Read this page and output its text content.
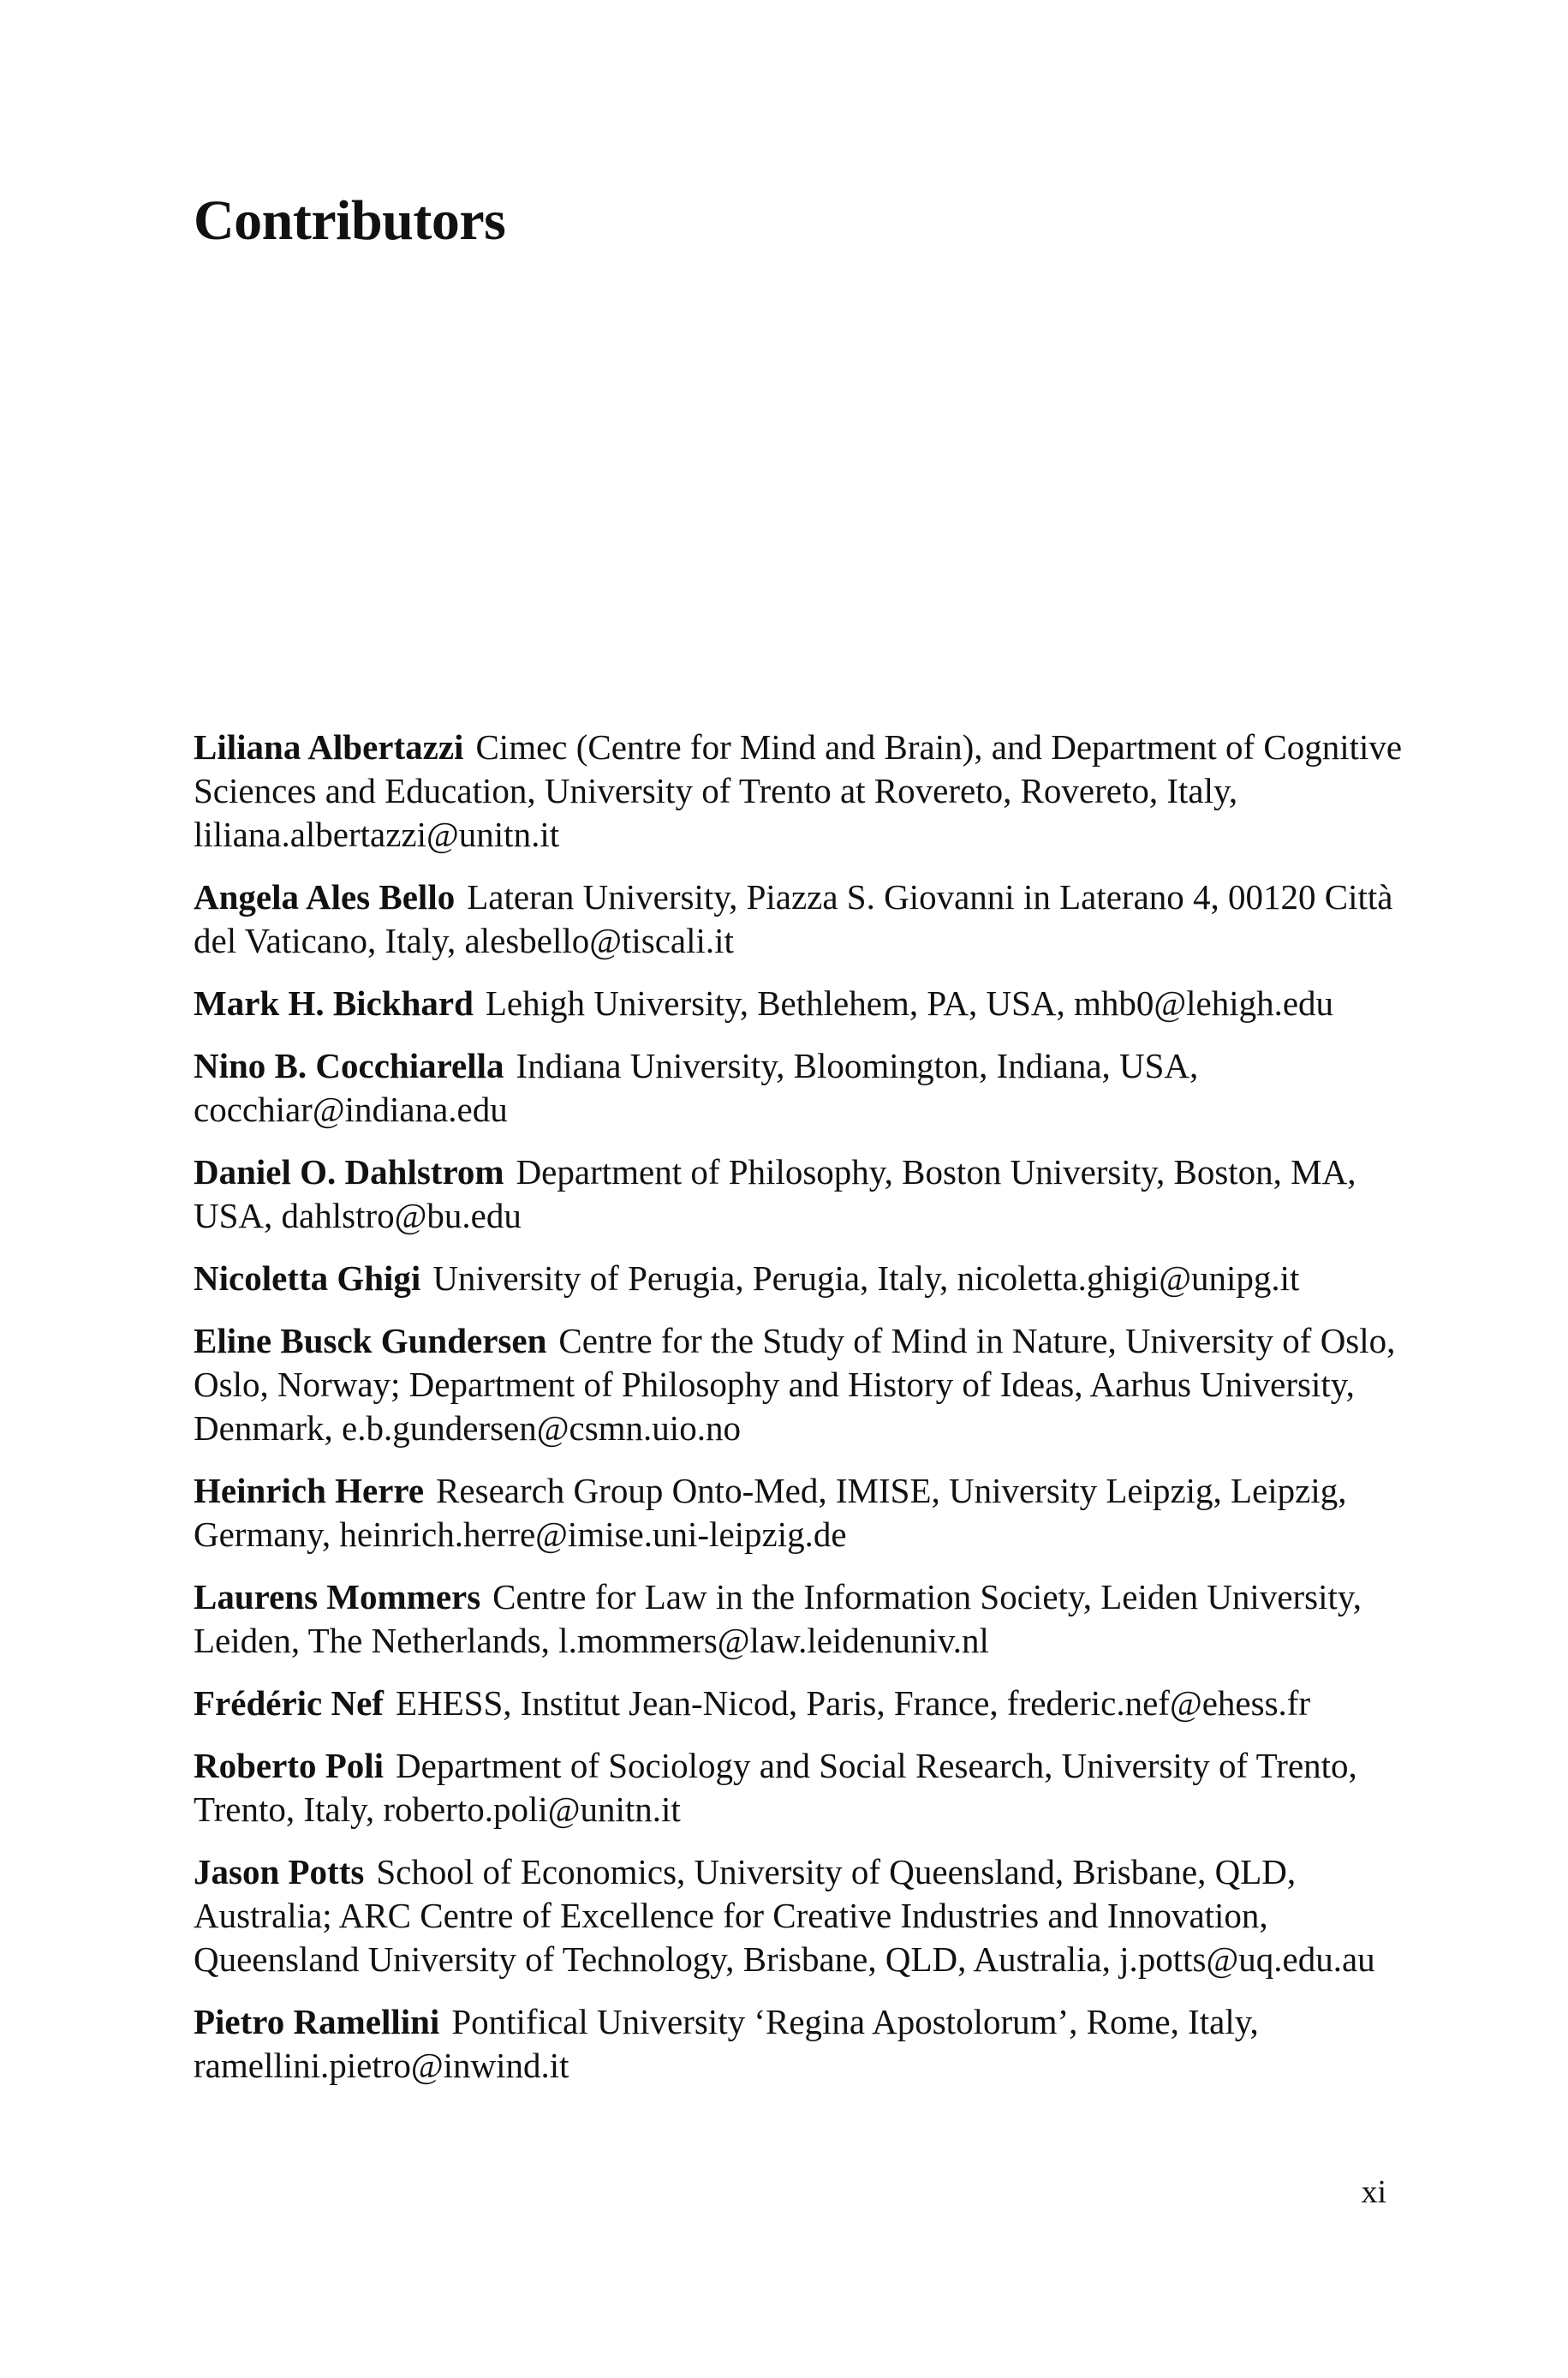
Contributors
Liliana Albertazzi Cimec (Centre for Mind and Brain), and Department of Cognitive Sciences and Education, University of Trento at Rovereto, Rovereto, Italy, liliana.albertazzi@unitn.it
Angela Ales Bello Lateran University, Piazza S. Giovanni in Laterano 4, 00120 Città del Vaticano, Italy, alesbello@tiscali.it
Mark H. Bickhard Lehigh University, Bethlehem, PA, USA, mhb0@lehigh.edu
Nino B. Cocchiarella Indiana University, Bloomington, Indiana, USA, cocchiar@indiana.edu
Daniel O. Dahlstrom Department of Philosophy, Boston University, Boston, MA, USA, dahlstro@bu.edu
Nicoletta Ghigi University of Perugia, Perugia, Italy, nicoletta.ghigi@unipg.it
Eline Busck Gundersen Centre for the Study of Mind in Nature, University of Oslo, Oslo, Norway; Department of Philosophy and History of Ideas, Aarhus University, Denmark, e.b.gundersen@csmn.uio.no
Heinrich Herre Research Group Onto-Med, IMISE, University Leipzig, Leipzig, Germany, heinrich.herre@imise.uni-leipzig.de
Laurens Mommers Centre for Law in the Information Society, Leiden University, Leiden, The Netherlands, l.mommers@law.leidenuniv.nl
Frédéric Nef EHESS, Institut Jean-Nicod, Paris, France, frederic.nef@ehess.fr
Roberto Poli Department of Sociology and Social Research, University of Trento, Trento, Italy, roberto.poli@unitn.it
Jason Potts School of Economics, University of Queensland, Brisbane, QLD, Australia; ARC Centre of Excellence for Creative Industries and Innovation, Queensland University of Technology, Brisbane, QLD, Australia, j.potts@uq.edu.au
Pietro Ramellini Pontifical University ‘Regina Apostolorum’, Rome, Italy, ramellini.pietro@inwind.it
xi
